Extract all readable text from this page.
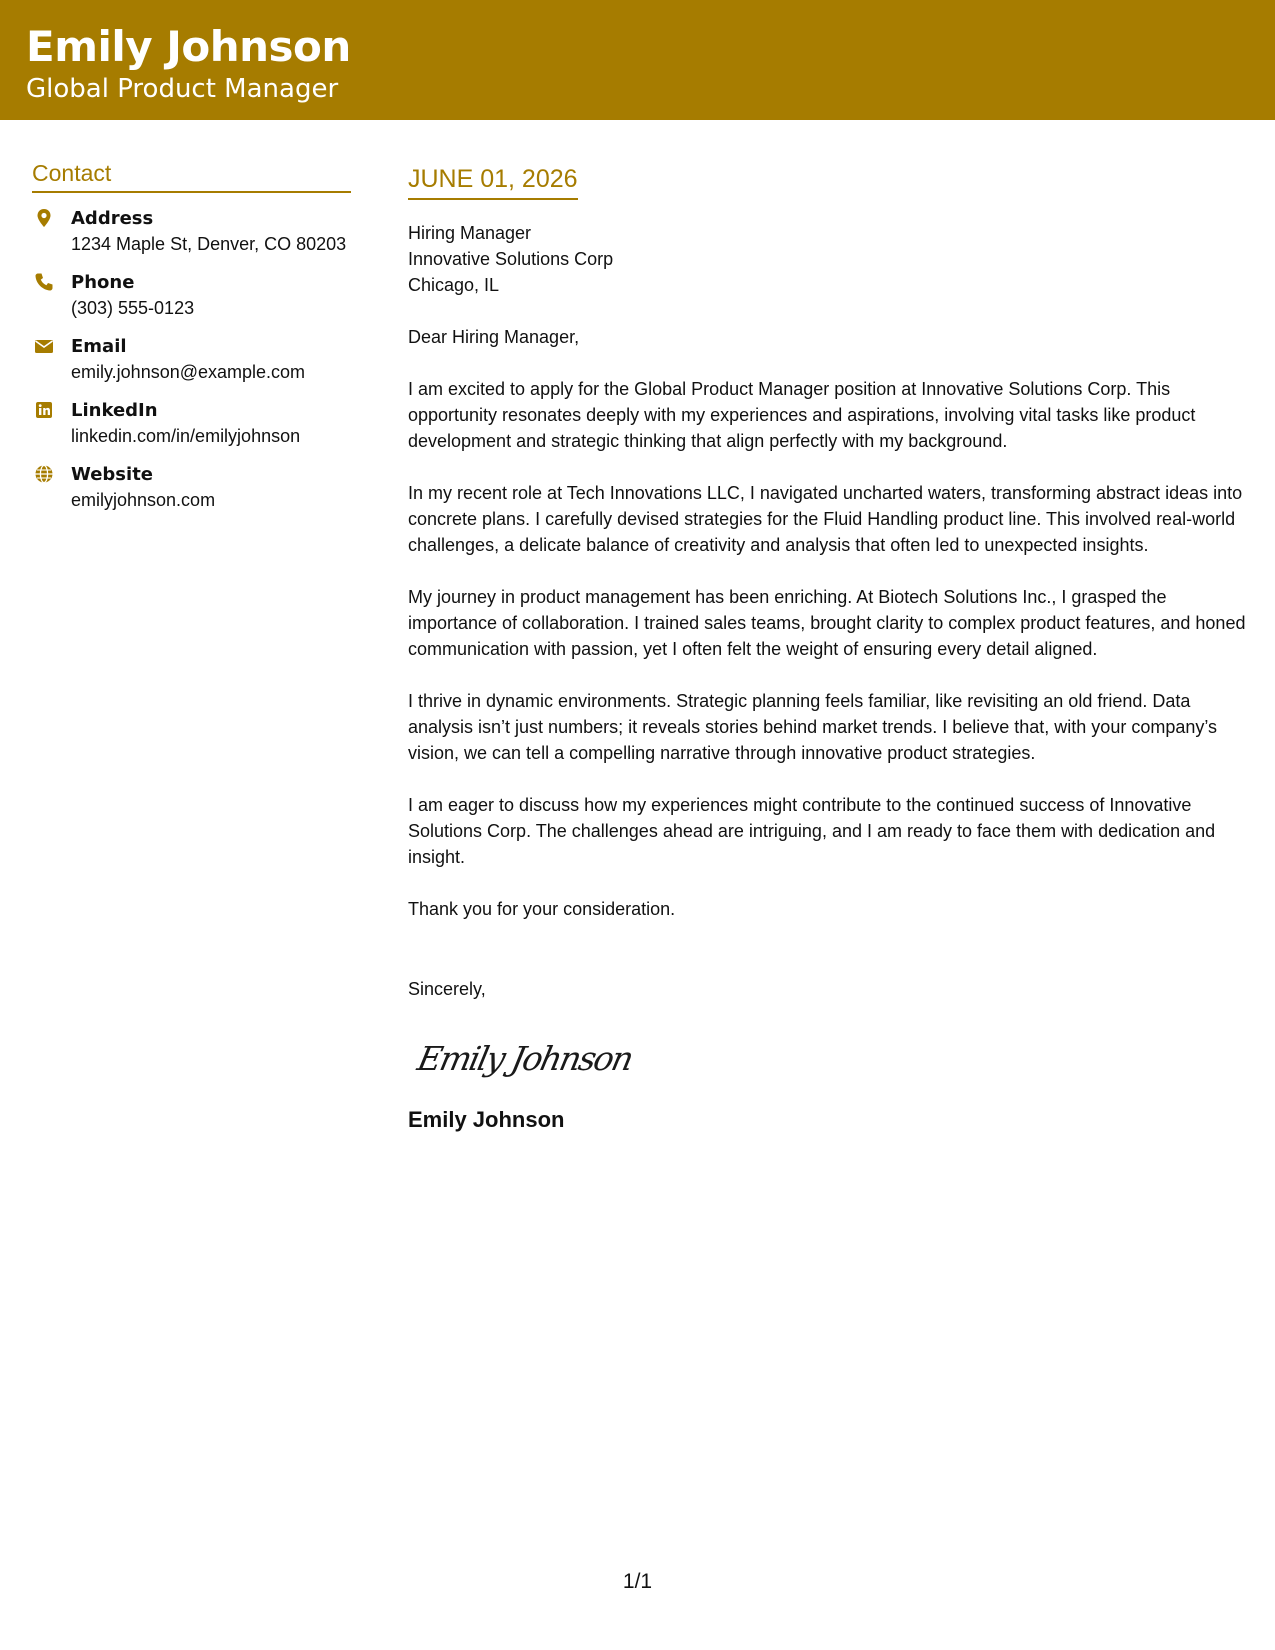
Emily Johnson
Global Product Manager
Contact
Address
1234 Maple St, Denver, CO 80203
Phone
(303) 555-0123
Email
emily.johnson@example.com
LinkedIn
linkedin.com/in/emilyjohnson
Website
emilyjohnson.com
JUNE 01, 2026
Hiring Manager
Innovative Solutions Corp
Chicago, IL
Dear Hiring Manager,
I am excited to apply for the Global Product Manager position at Innovative Solutions Corp. This opportunity resonates deeply with my experiences and aspirations, involving vital tasks like product development and strategic thinking that align perfectly with my background.
In my recent role at Tech Innovations LLC, I navigated uncharted waters, transforming abstract ideas into concrete plans. I carefully devised strategies for the Fluid Handling product line. This involved real-world challenges, a delicate balance of creativity and analysis that often led to unexpected insights.
My journey in product management has been enriching. At Biotech Solutions Inc., I grasped the importance of collaboration. I trained sales teams, brought clarity to complex product features, and honed communication with passion, yet I often felt the weight of ensuring every detail aligned.
I thrive in dynamic environments. Strategic planning feels familiar, like revisiting an old friend. Data analysis isn’t just numbers; it reveals stories behind market trends. I believe that, with your company’s vision, we can tell a compelling narrative through innovative product strategies.
I am eager to discuss how my experiences might contribute to the continued success of Innovative Solutions Corp. The challenges ahead are intriguing, and I am ready to face them with dedication and insight.
Thank you for your consideration.
Sincerely,
Emily Johnson
Emily Johnson
1/1
